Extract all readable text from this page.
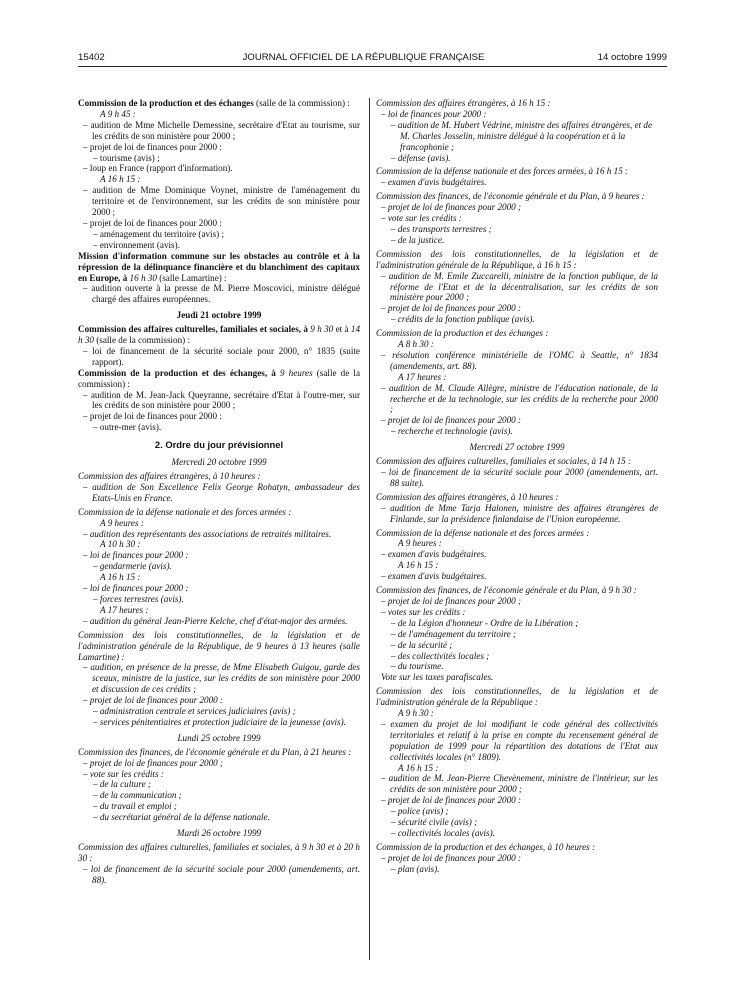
15402	JOURNAL OFFICIEL DE LA RÉPUBLIQUE FRANÇAISE	14 octobre 1999

Commission de la production et des échanges (salle de la commission) :

A 9 h 45 :

– audition de Mme Michelle Demessine, secrétaire d'Etat au tourisme, sur les crédits de son ministère pour 2000 ;

– projet de loi de finances pour 2000 :

– tourisme (avis) ;

– loup en France (rapport d'information).

A 16 h 15 :

– audition de Mme Dominique Voynet, ministre de l'aménagement du territoire et de l'environnement, sur les crédits de son ministère pour 2000 ;

– projet de loi de finances pour 2000 :

– aménagement du territoire (avis) ;

– environnement (avis).

Mission d'information commune sur les obstacles au contrôle et à la répression de la délinquance financière et du blanchiment des capitaux en Europe, à 16 h 30 (salle Lamartine) :

– audition ouverte à la presse de M. Pierre Moscovici, ministre délégué chargé des affaires européennes.

Jeudi 21 octobre 1999

Commission des affaires culturelles, familiales et sociales, à 9 h 30 et à 14 h 30 (salle de la commission) :

– loi de financement de la sécurité sociale pour 2000, n° 1835 (suite rapport).

Commission de la production et des échanges, à 9 heures (salle de la commission) :

– audition de M. Jean-Jack Queyranne, secrétaire d'Etat à l'outre-mer, sur les crédits de son ministère pour 2000 ;

– projet de loi de finances pour 2000 :

– outre-mer (avis).

2. Ordre du jour prévisionnel

Mercredi 20 octobre 1999

Commission des affaires étrangères, à 10 heures :

– audition de Son Excellence Felix George Rohatyn, ambassadeur des Etats-Unis en France.

Commission de la défense nationale et des forces armées :

A 9 heures :

– audition des représentants des associations de retraités militaires.

A 10 h 30 :

– loi de finances pour 2000 :

– gendarmerie (avis).

A 16 h 15 :

– loi de finances pour 2000 :

– forces terrestres (avis).

A 17 heures :

– audition du général Jean-Pierre Kelche, chef d'état-major des armées.

Commission des lois constitutionnelles, de la législation et de l'administration générale de la République, de 9 heures à 13 heures (salle Lamartine) :

– audition, en présence de la presse, de Mme Elisabeth Guigou, garde des sceaux, ministre de la justice, sur les crédits de son ministère pour 2000 et discussion de ces crédits ;

– projet de loi de finances pour 2000 :

– administration centrale et services judiciaires (avis) ;

– services pénitentiaires et protection judiciaire de la jeunesse (avis).

Lundi 25 octobre 1999

Commission des finances, de l'économie générale et du Plan, à 21 heures :

– projet de loi de finances pour 2000 ;

– vote sur les crédits :

– de la culture ;

– de la communication ;

– du travail et emploi ;

– du secrétariat général de la défense nationale.

Mardi 26 octobre 1999

Commission des affaires culturelles, familiales et sociales, à 9 h 30 et à 20 h 30 :

– loi de financement de la sécurité sociale pour 2000 (amendements, art. 88).

Commission des affaires étrangères, à 16 h 15 :

– loi de finances pour 2000 :

– audition de M. Hubert Védrine, ministre des affaires étrangères, et de M. Charles Josselin, ministre délégué à la coopération et à la francophonie ;

– défense (avis).

Commission de la défense nationale et des forces armées, à 16 h 15 :

– examen d'avis budgétaires.

Commission des finances, de l'économie générale et du Plan, à 9 heures :

– projet de loi de finances pour 2000 ;

– vote sur les crédits :

– des transports terrestres ;

– de la justice.

Commission des lois constitutionnelles, de la législation et de l'administration générale de la République, à 16 h 15 :

– audition de M. Emile Zuccarelli, ministre de la fonction publique, de la réforme de l'Etat et de la décentralisation, sur les crédits de son ministère pour 2000 ;

– projet de loi de finances pour 2000 :

– crédits de la fonction publique (avis).

Commission de la production et des échanges :

A 8 h 30 :

– résolution conférence ministérielle de l'OMC à Seattle, n° 1834 (amendements, art. 88).

A 17 heures :

– audition de M. Claude Allègre, ministre de l'éducation nationale, de la recherche et de la technologie, sur les crédits de la recherche pour 2000 ;

– projet de loi de finances pour 2000 :

– recherche et technologie (avis).

Mercredi 27 octobre 1999

Commission des affaires culturelles, familiales et sociales, à 14 h 15 :

– loi de financement de la sécurité sociale pour 2000 (amendements, art. 88 suite).

Commission des affaires étrangères, à 10 heures :

– audition de Mme Tarja Halonen, ministre des affaires étrangères de Finlande, sur la présidence finlandaise de l'Union européenne.

Commission de la défense nationale et des forces armées :

A 9 heures :

– examen d'avis budgétaires.

A 16 h 15 :

– examen d'avis budgétaires.

Commission des finances, de l'économie générale et du Plan, à 9 h 30 :

– projet de loi de finances pour 2000 ;

– votes sur les crédits :

– de la Légion d'honneur - Ordre de la Libération ;

– de l'aménagement du territoire ;

– de la sécurité ;

– des collectivités locales ;

– du tourisme.

Vote sur les taxes parafiscales.

Commission des lois constitutionnelles, de la législation et de l'administration générale de la République :

A 9 h 30 :

– examen du projet de loi modifiant le code général des collectivités territoriales et relatif à la prise en compte du recensement général de population de 1999 pour la répartition des dotations de l'Etat aux collectivités locales (n° 1809).

A 16 h 15 :

– audition de M. Jean-Pierre Chevènement, ministre de l'intérieur, sur les crédits de son ministère pour 2000 ;

– projet de loi de finances pour 2000 :

– police (avis) ;

– sécurité civile (avis) ;

– collectivités locales (avis).

Commission de la production et des échanges, à 10 heures :

– projet de loi de finances pour 2000 :

– plan (avis).
